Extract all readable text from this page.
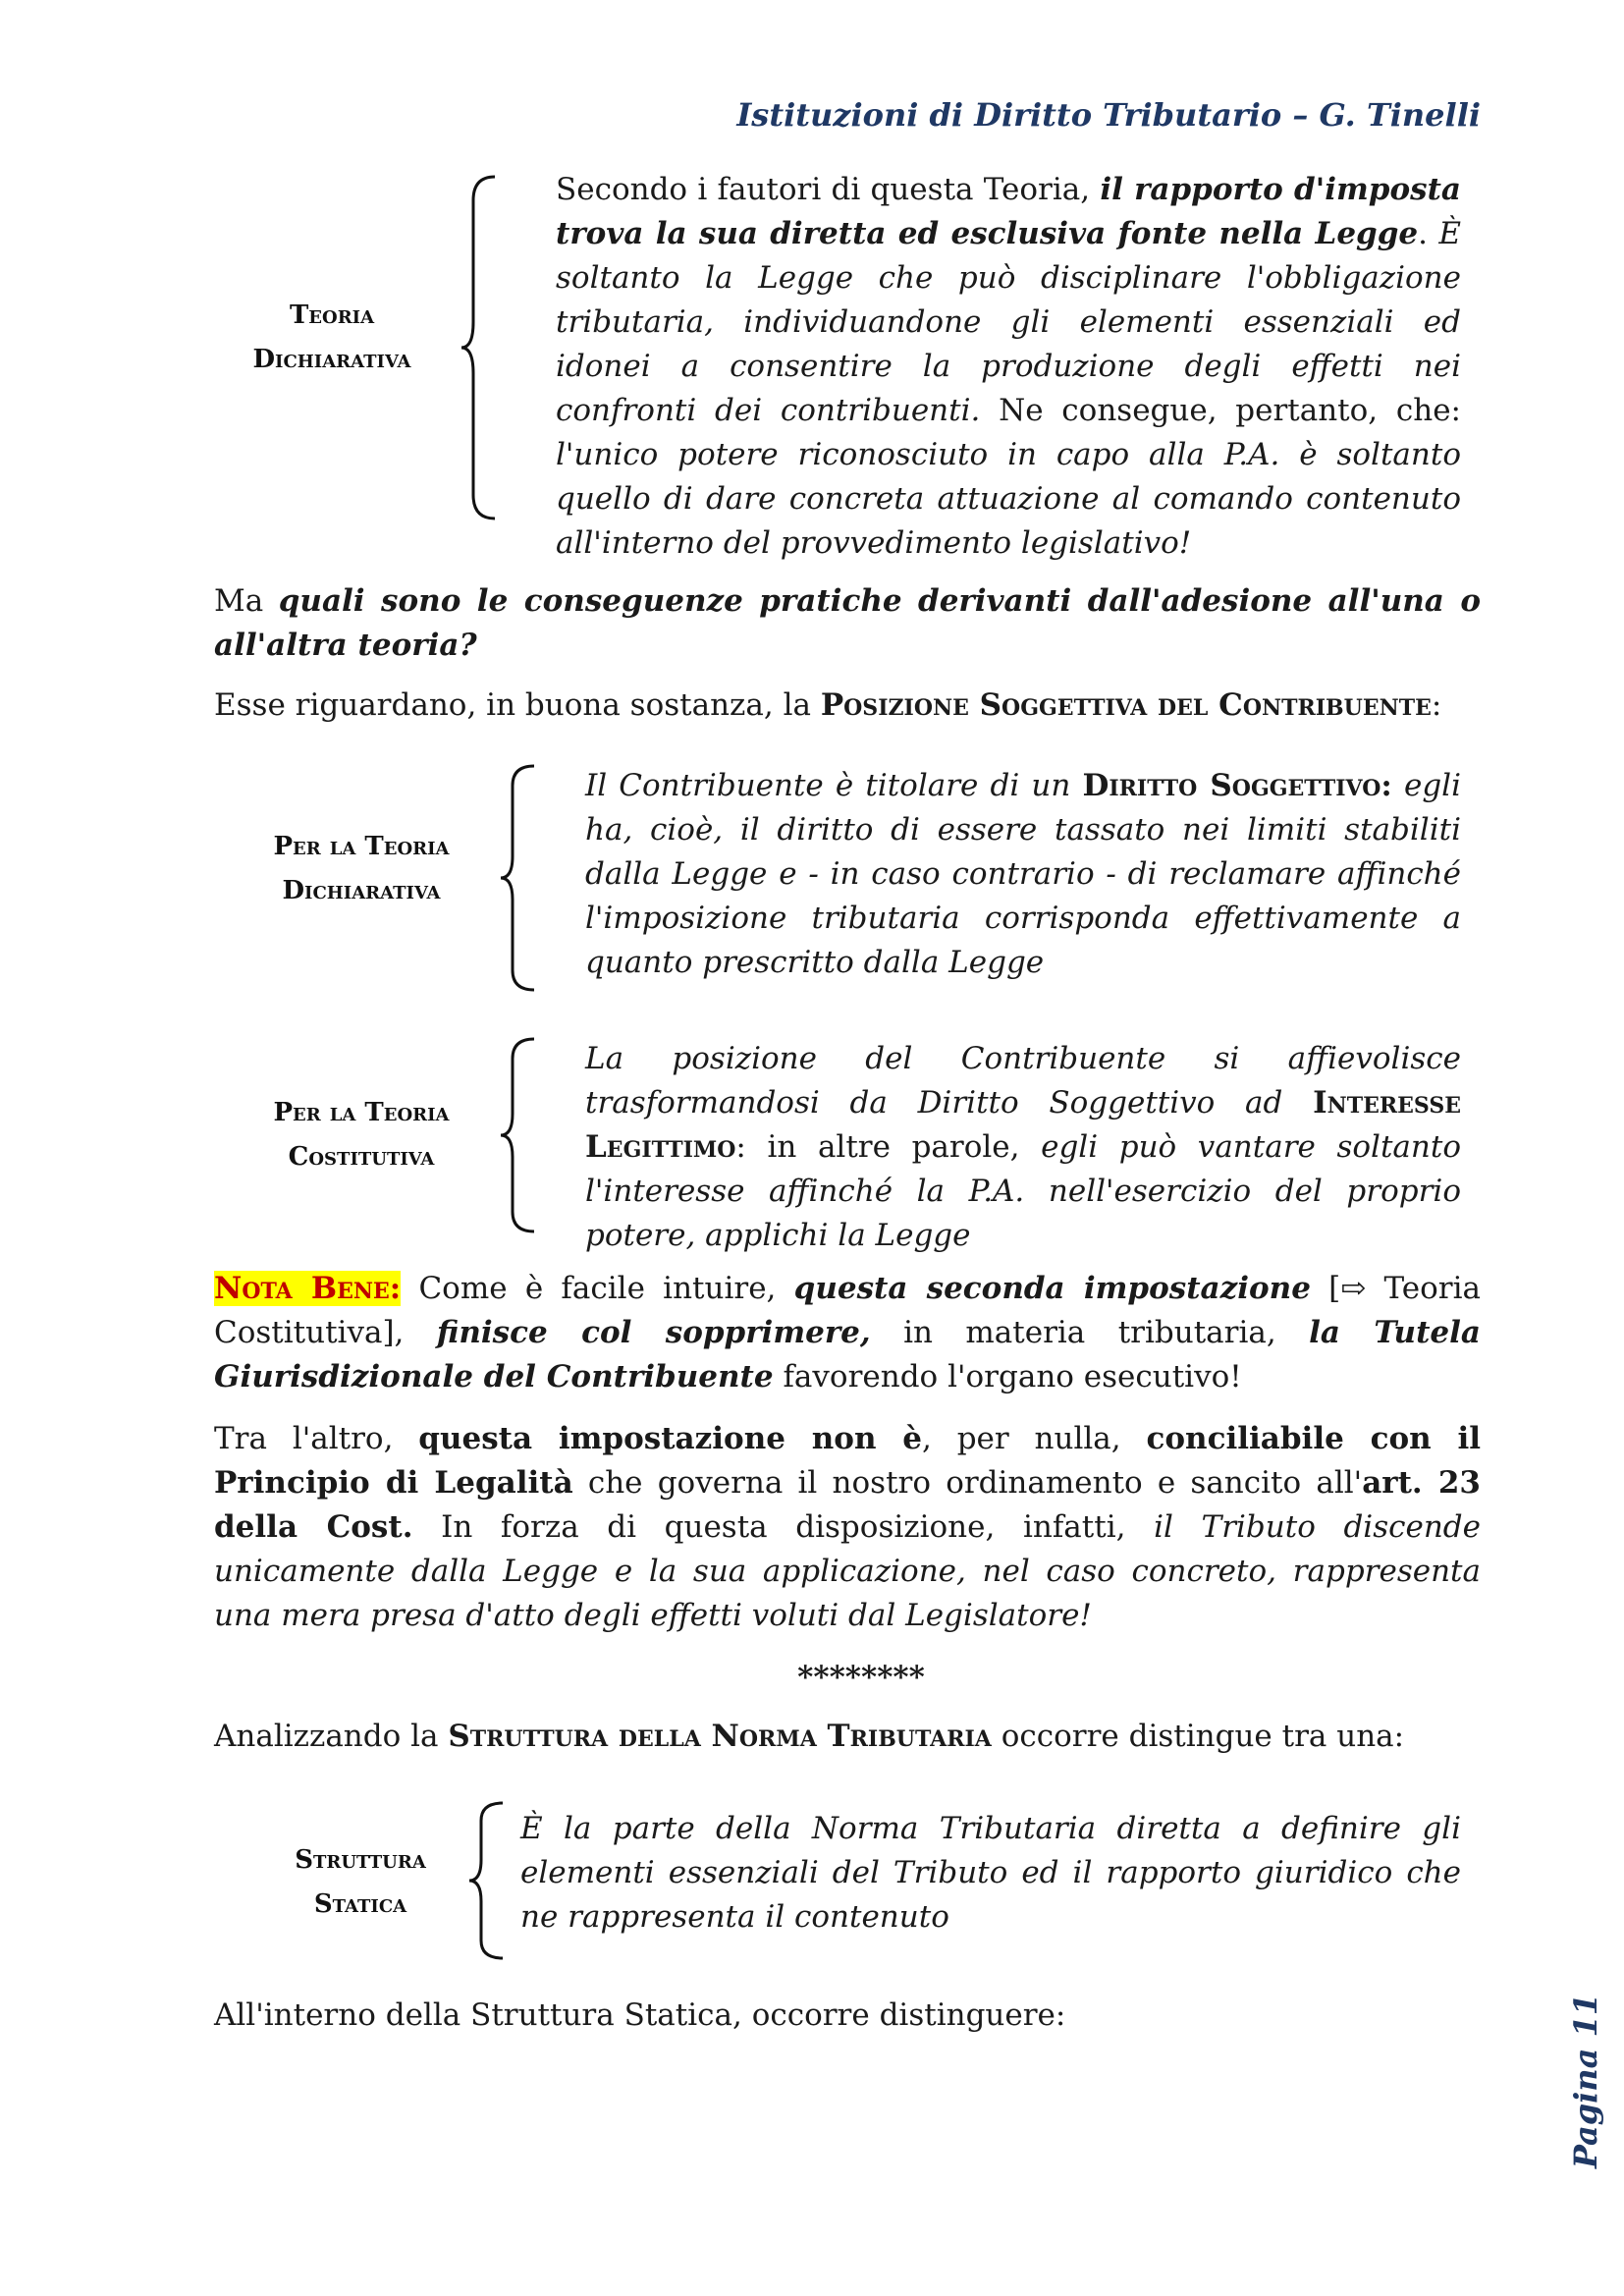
Istituzioni di Diritto Tributario – G. Tinelli
Teoria
Dichiarativa
Secondo i fautori di questa Teoria, il rapporto d'imposta trova la sua diretta ed esclusiva fonte nella Legge. È soltanto la Legge che può disciplinare l'obbligazione tributaria, individuandone gli elementi essenziali ed idonei a consentire la produzione degli effetti nei confronti dei contribuenti. Ne consegue, pertanto, che: l'unico potere riconosciuto in capo alla P.A. è soltanto quello di dare concreta attuazione al comando contenuto all'interno del provvedimento legislativo!
Ma quali sono le conseguenze pratiche derivanti dall'adesione all'una o all'altra teoria?
Esse riguardano, in buona sostanza, la Posizione Soggettiva del Contribuente:
Per la Teoria
Dichiarativa
Il Contribuente è titolare di un Diritto Soggettivo: egli ha, cioè, il diritto di essere tassato nei limiti stabiliti dalla Legge e - in caso contrario - di reclamare affinché l'imposizione tributaria corrisponda effettivamente a quanto prescritto dalla Legge
Per la Teoria
Costitutiva
La posizione del Contribuente si affievolisce trasformandosi da Diritto Soggettivo ad Interesse Legittimo: in altre parole, egli può vantare soltanto l'interesse affinché la P.A. nell'esercizio del proprio potere, applichi la Legge
Nota Bene: Come è facile intuire, questa seconda impostazione [⇨ Teoria Costitutiva], finisce col sopprimere, in materia tributaria, la Tutela Giurisdizionale del Contribuente favorendo l'organo esecutivo!
Tra l'altro, questa impostazione non è, per nulla, conciliabile con il Principio di Legalità che governa il nostro ordinamento e sancito all'art. 23 della Cost. In forza di questa disposizione, infatti, il Tributo discende unicamente dalla Legge e la sua applicazione, nel caso concreto, rappresenta una mera presa d'atto degli effetti voluti dal Legislatore!
********
Analizzando la Struttura della Norma Tributaria occorre distingue tra una:
Struttura
Statica
È la parte della Norma Tributaria diretta a definire gli elementi essenziali del Tributo ed il rapporto giuridico che ne rappresenta il contenuto
All'interno della Struttura Statica, occorre distinguere:	Pagina 11
